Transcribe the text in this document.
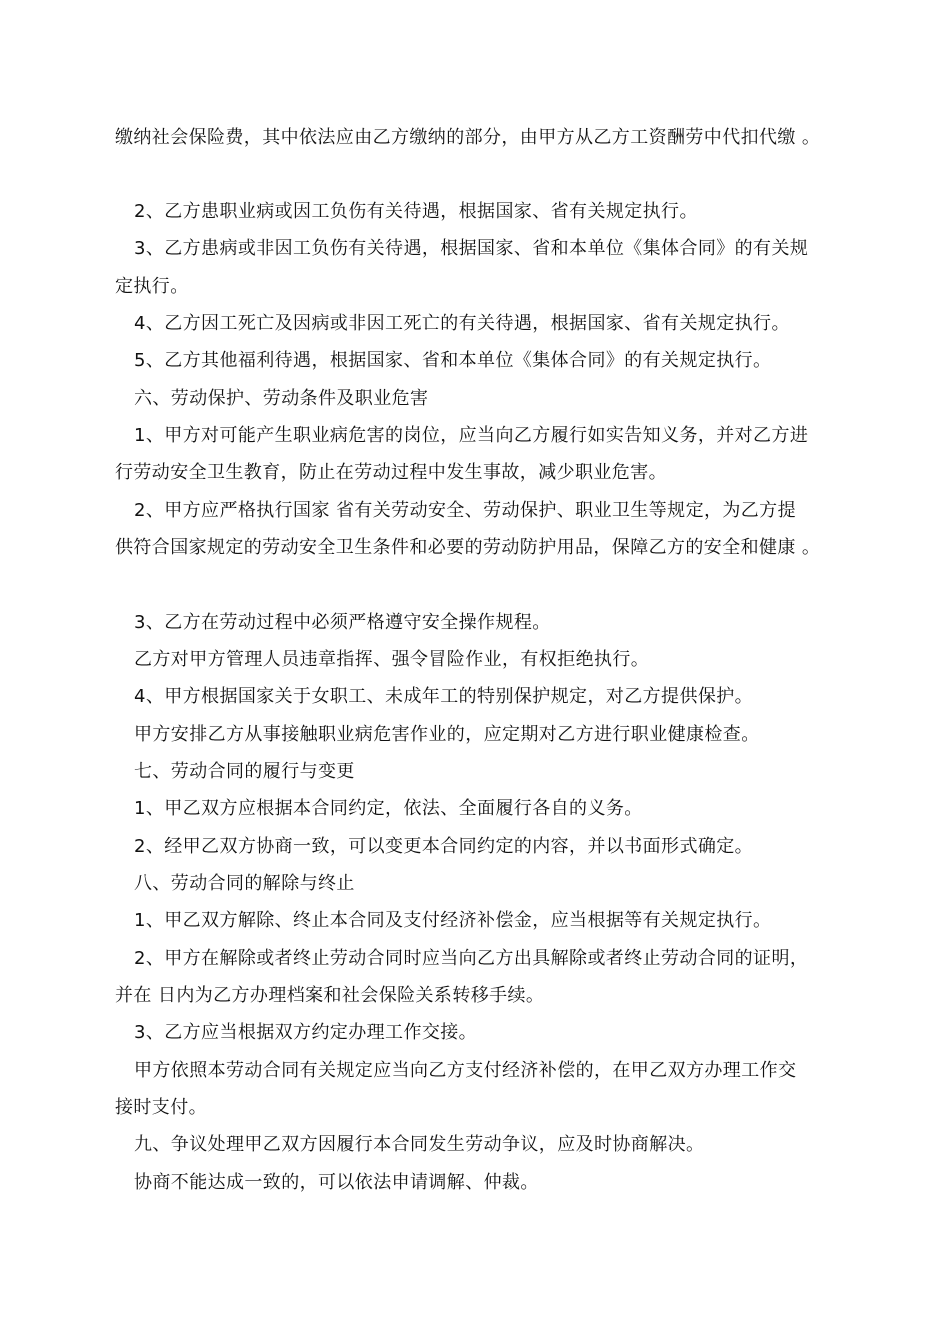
缴纳社会保险费，其中依法应由乙方缴纳的部分，由甲方从乙方工资酬劳中代扣代缴 。
2、乙方患职业病或因工负伤有关待遇，根据国家、省有关规定执行。
3、乙方患病或非因工负伤有关待遇，根据国家、省和本单位《集体合同》的有关规
定执行。
4、乙方因工死亡及因病或非因工死亡的有关待遇，根据国家、省有关规定执行。
5、乙方其他福利待遇，根据国家、省和本单位《集体合同》的有关规定执行。
六、劳动保护、劳动条件及职业危害
1、甲方对可能产生职业病危害的岗位，应当向乙方履行如实告知义务，并对乙方进
行劳动安全卫生教育，防止在劳动过程中发生事故，减少职业危害。
2、甲方应严格执行国家 省有关劳动安全、劳动保护、职业卫生等规定，为乙方提
供符合国家规定的劳动安全卫生条件和必要的劳动防护用品，保障乙方的安全和健康 。
3、乙方在劳动过程中必须严格遵守安全操作规程。
乙方对甲方管理人员违章指挥、强令冒险作业，有权拒绝执行。
4、甲方根据国家关于女职工、未成年工的特别保护规定，对乙方提供保护。
甲方安排乙方从事接触职业病危害作业的，应定期对乙方进行职业健康检查。
七、劳动合同的履行与变更
1、甲乙双方应根据本合同约定，依法、全面履行各自的义务。
2、经甲乙双方协商一致，可以变更本合同约定的内容，并以书面形式确定。
八、劳动合同的解除与终止
1、甲乙双方解除、终止本合同及支付经济补偿金，应当根据等有关规定执行。
2、甲方在解除或者终止劳动合同时应当向乙方出具解除或者终止劳动合同的证明，
并在 日内为乙方办理档案和社会保险关系转移手续。
3、乙方应当根据双方约定办理工作交接。
甲方依照本劳动合同有关规定应当向乙方支付经济补偿的，在甲乙双方办理工作交
接时支付。
九、争议处理甲乙双方因履行本合同发生劳动争议，应及时协商解决。
协商不能达成一致的，可以依法申请调解、仲裁。
